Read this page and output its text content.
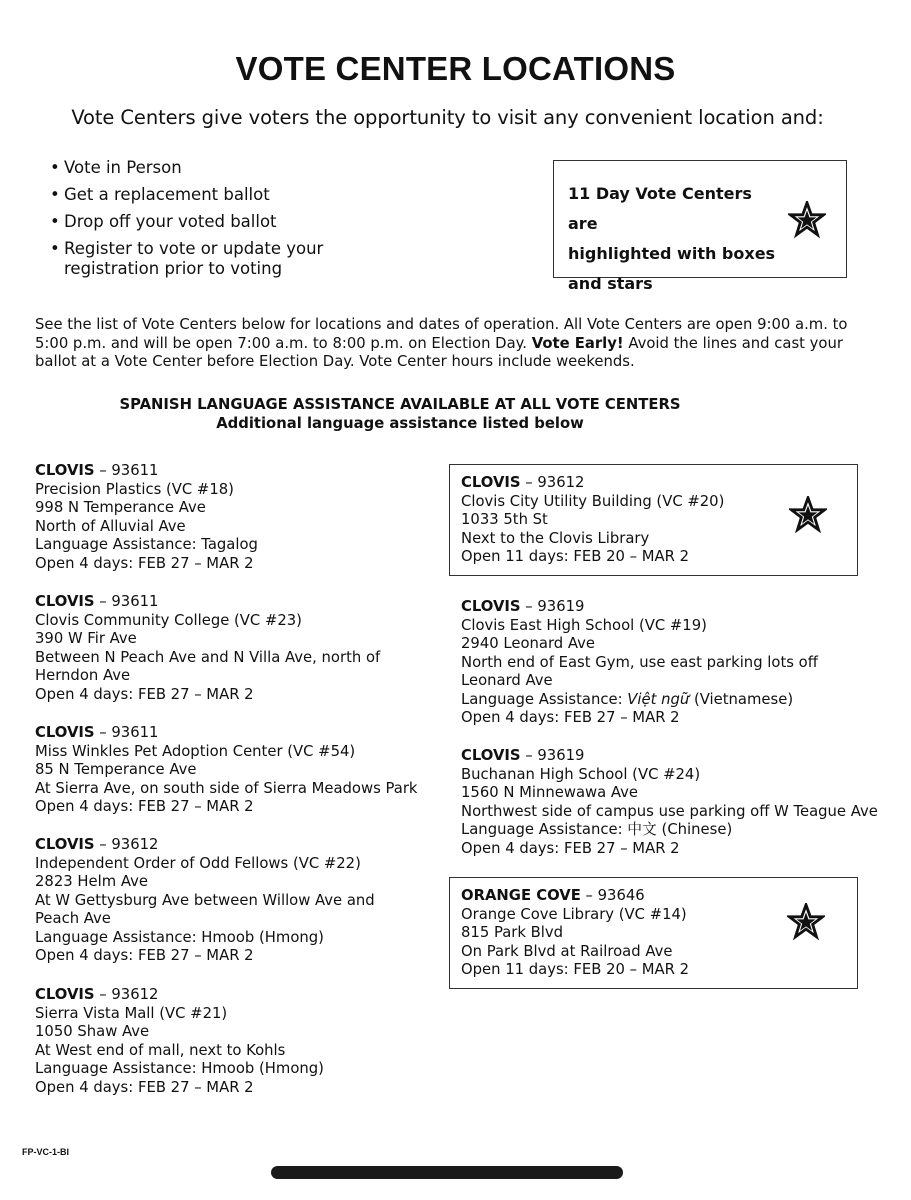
VOTE CENTER LOCATIONS
Vote Centers give voters the opportunity to visit any convenient location and:
• Vote in Person
• Get a replacement ballot
• Drop off your voted ballot
• Register to vote or update your registration prior to voting
11 Day Vote Centers are
highlighted with boxes
and stars
See the list of Vote Centers below for locations and dates of operation. All Vote Centers are open 9:00 a.m. to 5:00 p.m. and will be open 7:00 a.m. to 8:00 p.m. on Election Day. Vote Early! Avoid the lines and cast your ballot at a Vote Center before Election Day. Vote Center hours include weekends.
SPANISH LANGUAGE ASSISTANCE AVAILABLE AT ALL VOTE CENTERS
Additional language assistance listed below
CLOVIS – 93611
Precision Plastics (VC #18)
998 N Temperance Ave
North of Alluvial Ave
Language Assistance: Tagalog
Open 4 days: FEB 27 – MAR 2
CLOVIS – 93611
Clovis Community College (VC #23)
390 W Fir Ave
Between N Peach Ave and N Villa Ave, north of Herndon Ave
Open 4 days: FEB 27 – MAR 2
CLOVIS – 93611
Miss Winkles Pet Adoption Center (VC #54)
85 N Temperance Ave
At Sierra Ave, on south side of Sierra Meadows Park
Open 4 days: FEB 27 – MAR 2
CLOVIS – 93612
Independent Order of Odd Fellows (VC #22)
2823 Helm Ave
At W Gettysburg Ave between Willow Ave and Peach Ave
Language Assistance: Hmoob (Hmong)
Open 4 days: FEB 27 – MAR 2
CLOVIS – 93612
Sierra Vista Mall (VC #21)
1050 Shaw Ave
At West end of mall, next to Kohls
Language Assistance: Hmoob (Hmong)
Open 4 days: FEB 27 – MAR 2
CLOVIS – 93612
Clovis City Utility Building (VC #20)
1033 5th St
Next to the Clovis Library
Open 11 days: FEB 20 – MAR 2
CLOVIS – 93619
Clovis East High School (VC #19)
2940 Leonard Ave
North end of East Gym, use east parking lots off Leonard Ave
Language Assistance: Việt ngữ (Vietnamese)
Open 4 days: FEB 27 – MAR 2
CLOVIS – 93619
Buchanan High School (VC #24)
1560 N Minnewawa Ave
Northwest side of campus use parking off W Teague Ave
Language Assistance: 中文 (Chinese)
Open 4 days: FEB 27 – MAR 2
ORANGE COVE – 93646
Orange Cove Library (VC #14)
815 Park Blvd
On Park Blvd at Railroad Ave
Open 11 days: FEB 20 – MAR 2
FP-VC-1-BI
